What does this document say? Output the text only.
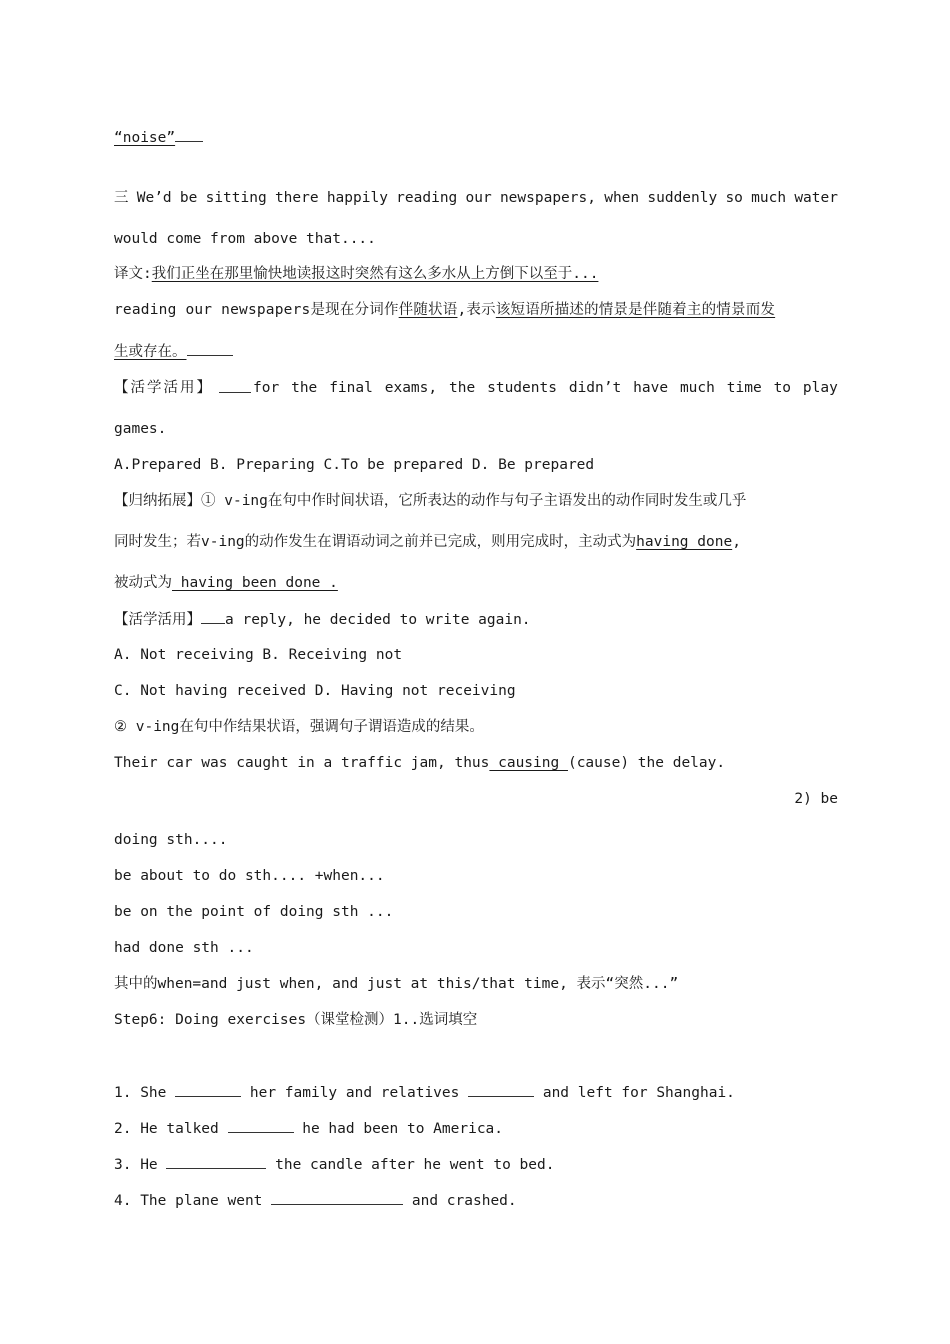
“noise”
三 We’d be sitting there happily reading our newspapers, when suddenly so much water
would come from above that....
译文:我们正坐在那里愉快地读报这时突然有这么多水从上方倒下以至于...
reading our newspapers是现在分词作伴随状语,表示该短语所描述的情景是伴随着主的情景而发
生或存在。
【活学活用】	for the final exams, the students didn’t have much time to play
games.
A.Prepared B. Preparing C.To be prepared D. Be prepared
【归纳拓展】① v-ing在句中作时间状语，它所表达的动作与句子主语发出的动作同时发生或几乎
同时发生；若v-ing的动作发生在谓语动词之前并已完成，则用完成时，主动式为having done,
被动式为 having been done .
【活学活用】 a reply, he decided to write again.
A. Not receiving B. Receiving not
C. Not having received D. Having not receiving
② v-ing在句中作结果状语，强调句子谓语造成的结果。
Their car was caught in a traffic jam, thus causing (cause) the delay.
2) be
doing sth....
be about to do sth.... +when...
be on the point of doing sth ...
had done sth ...
其中的when=and just when, and just at this/that time, 表示“突然...”
Step6: Doing exercises（课堂检测）1..选词填空
1. She	her family and relatives	and left for Shanghai.
2. He talked	he had been to America.
3. He	the candle after he went to bed.
4. The plane went	and crashed.
